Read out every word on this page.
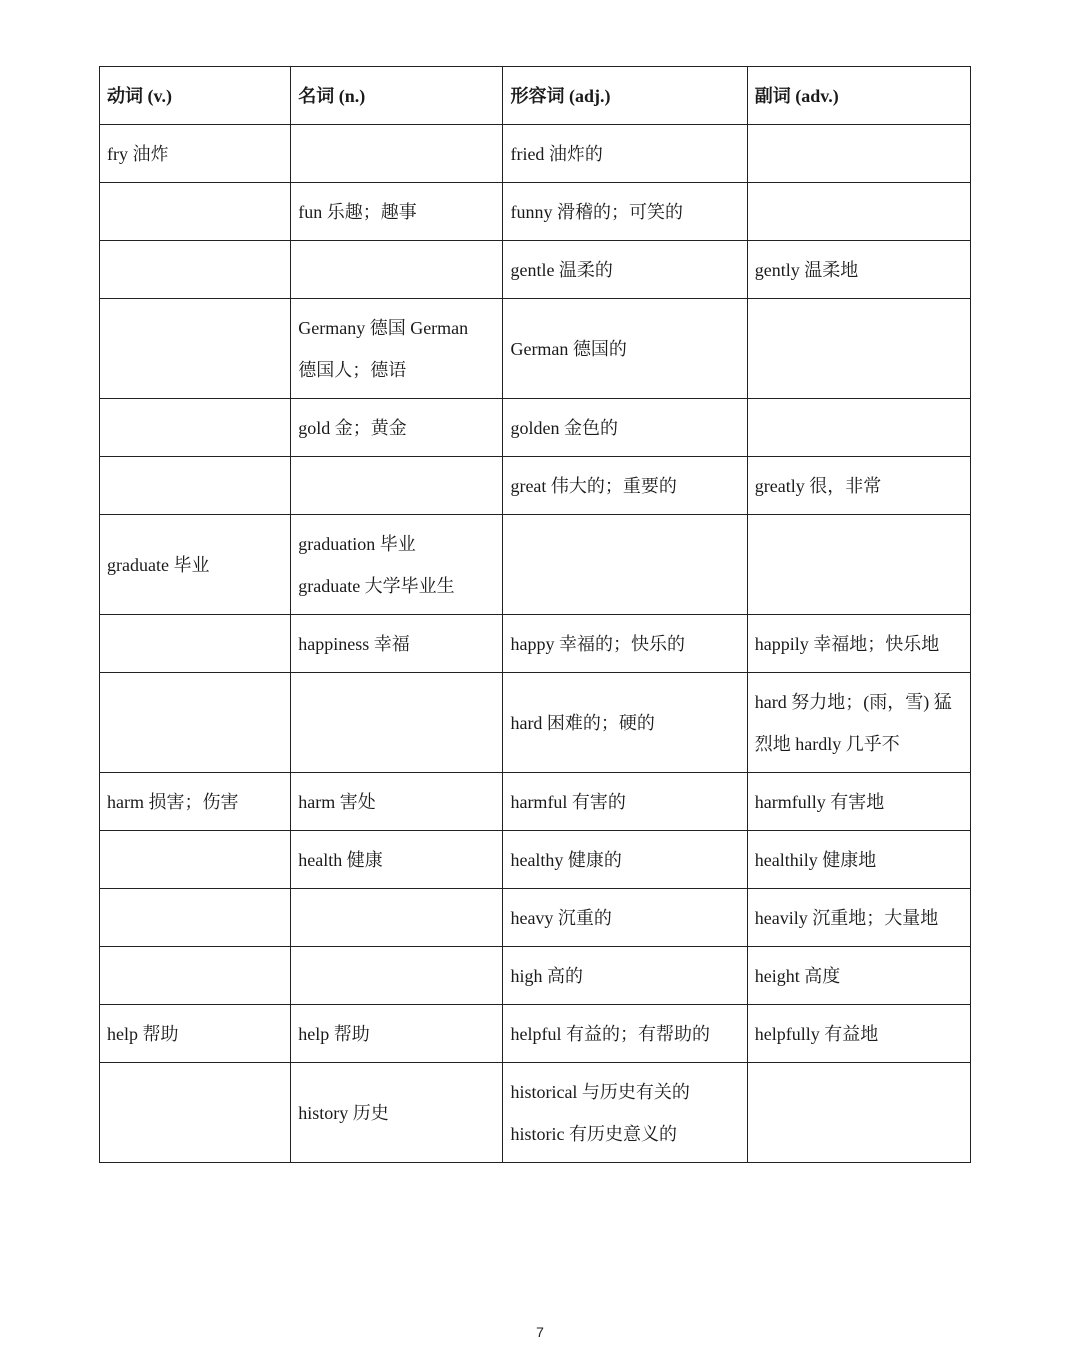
动词 (v.)	名词 (n.)	形容词 (adj.)	副词 (adv.)

fry 油炸		fried 油炸的	

	fun 乐趣；趣事	funny 滑稽的；可笑的	

		gentle 温柔的	gently 温柔地

	Germany 德国 German
德国人；德语	German 德国的	

	gold 金；黄金	golden 金色的	

		great 伟大的；重要的	greatly 很，非常

graduate 毕业	graduation 毕业
graduate 大学毕业生		

	happiness 幸福	happy 幸福的；快乐的	happily 幸福地；快乐地

		hard 困难的；硬的	hard 努力地；(雨，雪) 猛
烈地 hardly 几乎不

harm 损害；伤害	harm 害处	harmful 有害的	harmfully 有害地

	health 健康	healthy 健康的	healthily 健康地

		heavy 沉重的	heavily 沉重地；大量地

		high 高的	height 高度

help 帮助	help 帮助	helpful 有益的；有帮助的	helpfully 有益地

	history 历史	historical 与历史有关的
historic 有历史意义的	

7
